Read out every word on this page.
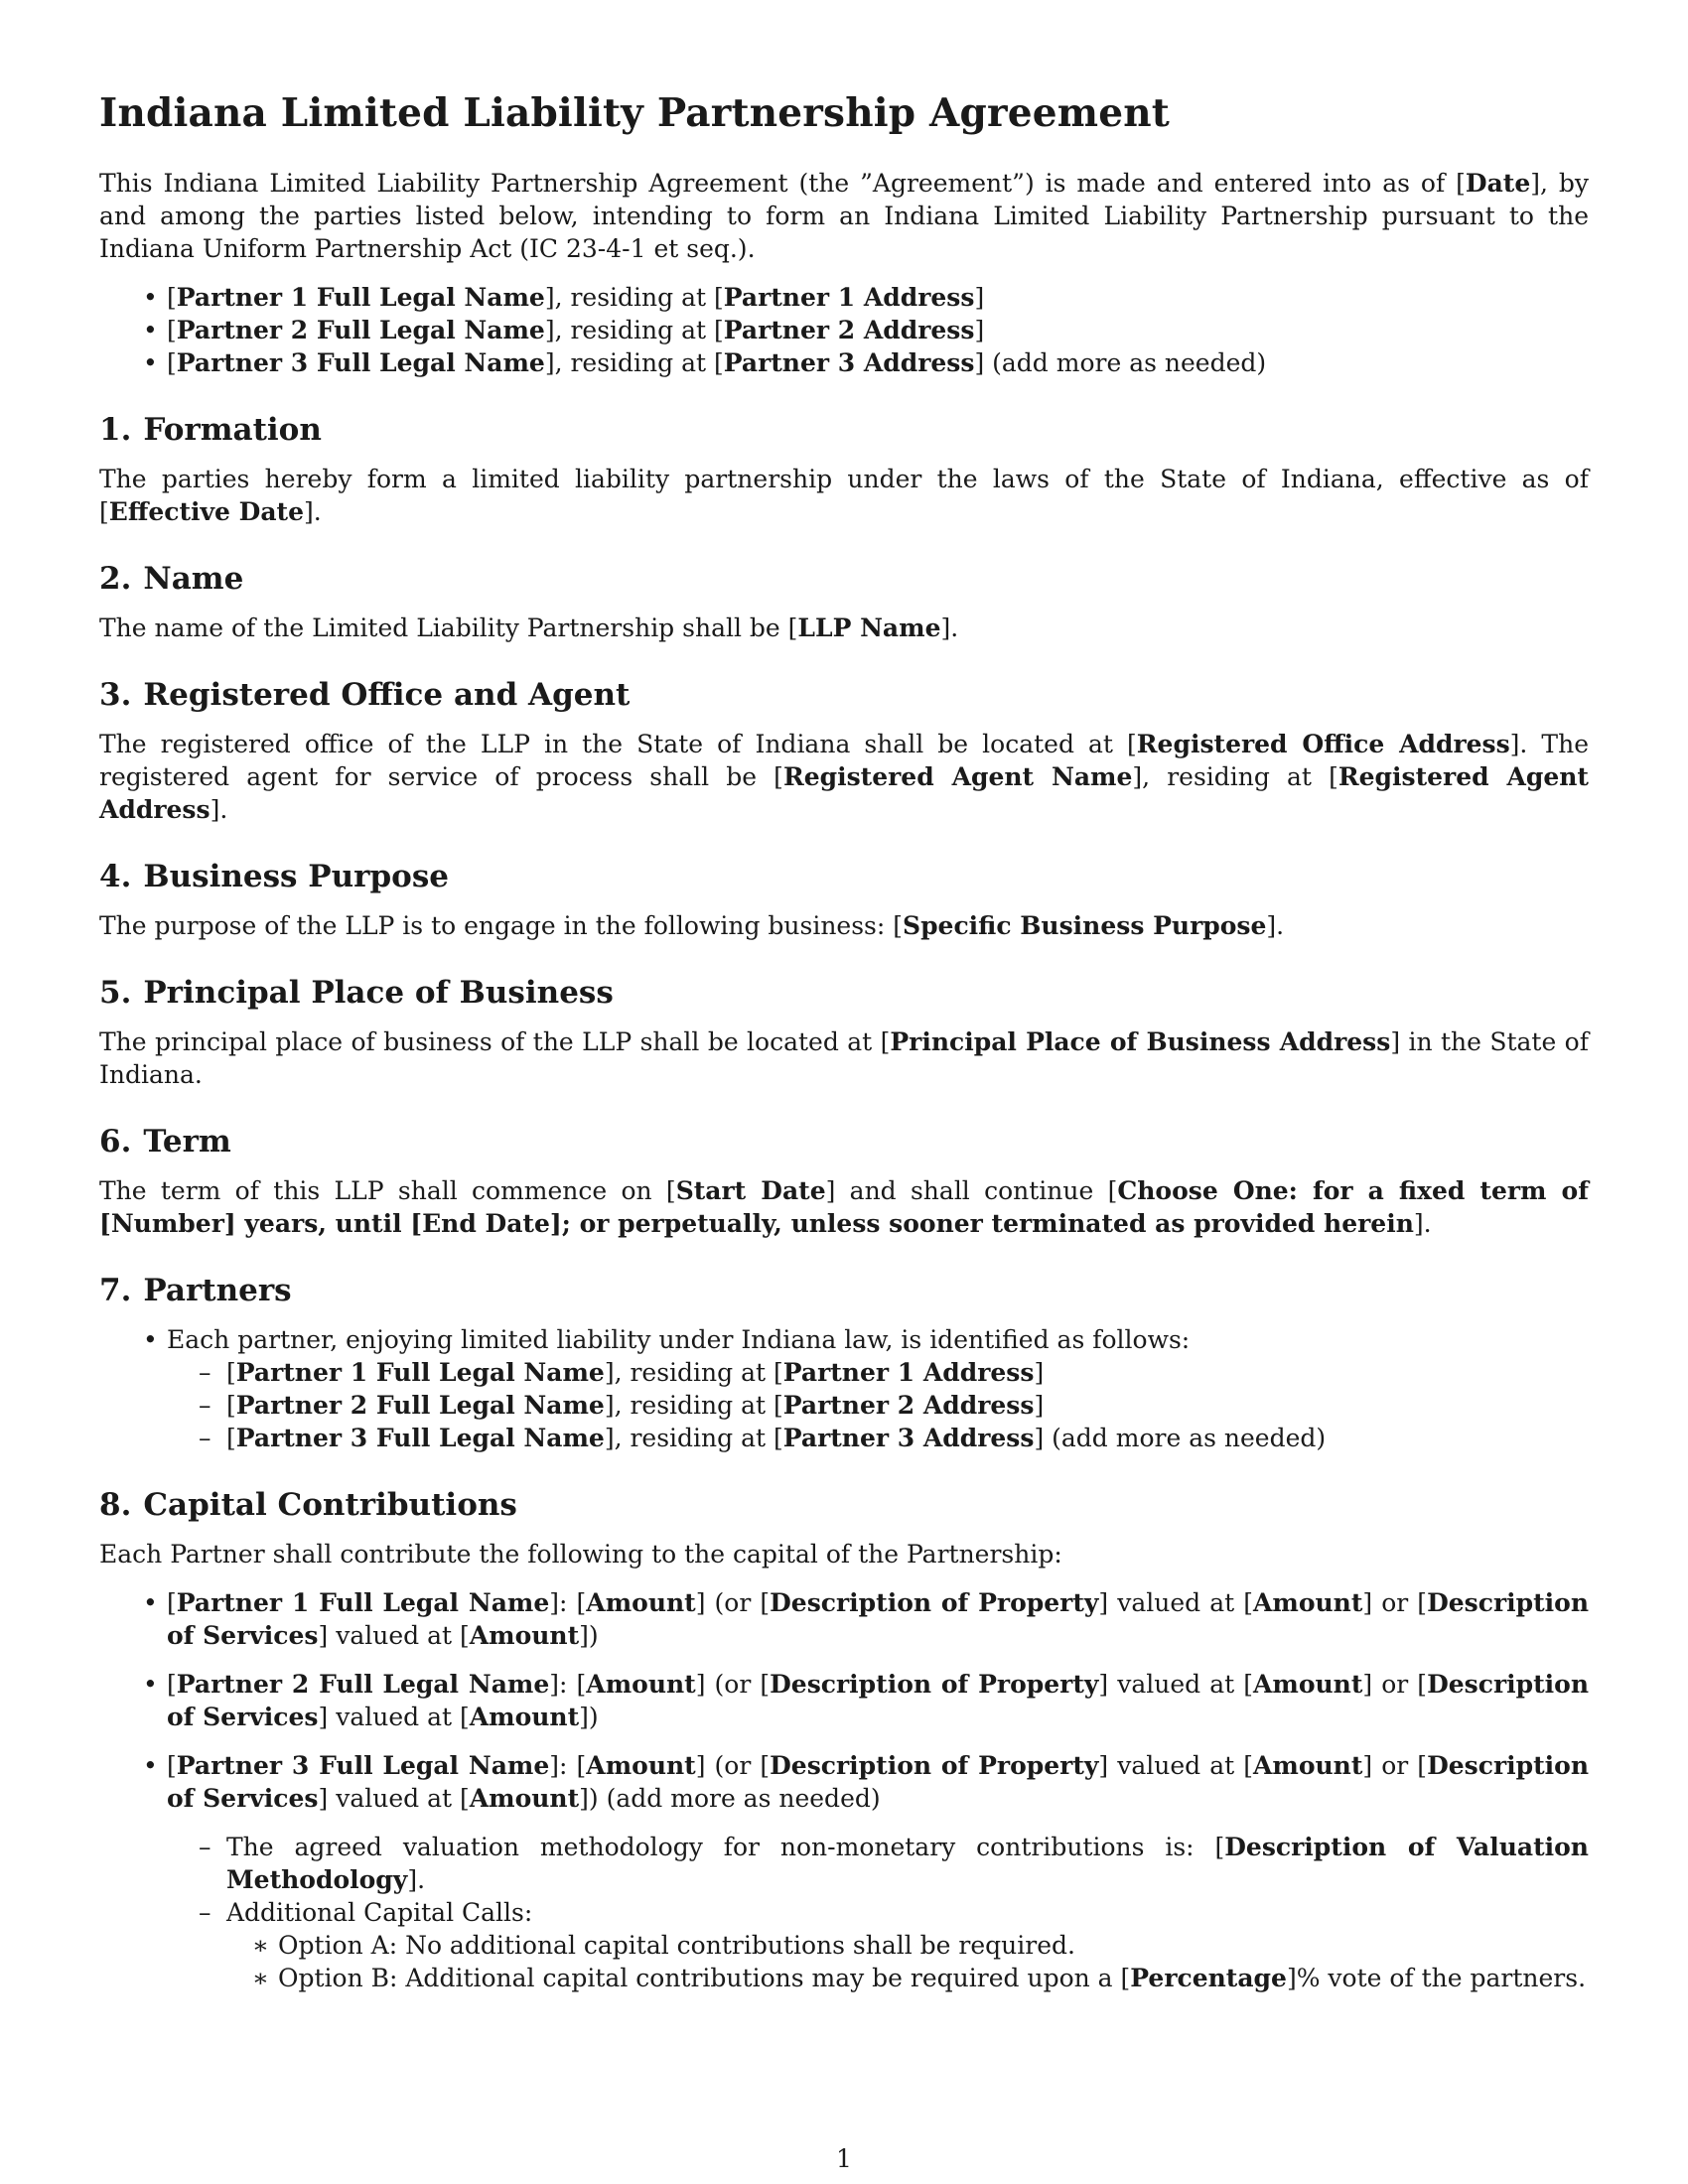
Indiana Limited Liability Partnership Agreement

This Indiana Limited Liability Partnership Agreement (the ”Agreement”) is made and entered into as of [Date], by and among the parties listed below, intending to form an Indiana Limited Liability Partnership pursuant to the Indiana Uniform Partnership Act (IC 23-4-1 et seq.).

• [Partner 1 Full Legal Name], residing at [Partner 1 Address]
• [Partner 2 Full Legal Name], residing at [Partner 2 Address]
• [Partner 3 Full Legal Name], residing at [Partner 3 Address] (add more as needed)
1. Formation

The parties hereby form a limited liability partnership under the laws of the State of Indiana, effective as of [Effective Date].

2. Name

The name of the Limited Liability Partnership shall be [LLP Name].

3. Registered Office and Agent

The registered office of the LLP in the State of Indiana shall be located at [Registered Office Address]. The registered agent for service of process shall be [Registered Agent Name], residing at [Registered Agent Address].

4. Business Purpose

The purpose of the LLP is to engage in the following business: [Specific Business Purpose].

5. Principal Place of Business

The principal place of business of the LLP shall be located at [Principal Place of Business Address] in the State of Indiana.

6. Term

The term of this LLP shall commence on [Start Date] and shall continue [Choose One: for a fixed term of [Number] years, until [End Date]; or perpetually, unless sooner terminated as provided herein].

7. Partners
• Each partner, enjoying limited liability under Indiana law, is identified as follows:
– [Partner 1 Full Legal Name], residing at [Partner 1 Address]
– [Partner 2 Full Legal Name], residing at [Partner 2 Address]
– [Partner 3 Full Legal Name], residing at [Partner 3 Address] (add more as needed)
8. Capital Contributions

Each Partner shall contribute the following to the capital of the Partnership:

• [Partner 1 Full Legal Name]: [Amount] (or [Description of Property] valued at [Amount] or [Description of Services] valued at [Amount])
• [Partner 2 Full Legal Name]: [Amount] (or [Description of Property] valued at [Amount] or [Description of Services] valued at [Amount])
• [Partner 3 Full Legal Name]: [Amount] (or [Description of Property] valued at [Amount] or [Description of Services] valued at [Amount]) (add more as needed)
– The agreed valuation methodology for non-monetary contributions is: [Description of Valuation Methodology].
– Additional Capital Calls:
∗ Option A: No additional capital contributions shall be required.
∗ Option B: Additional capital contributions may be required upon a [Percentage]% vote of the partners.
1
